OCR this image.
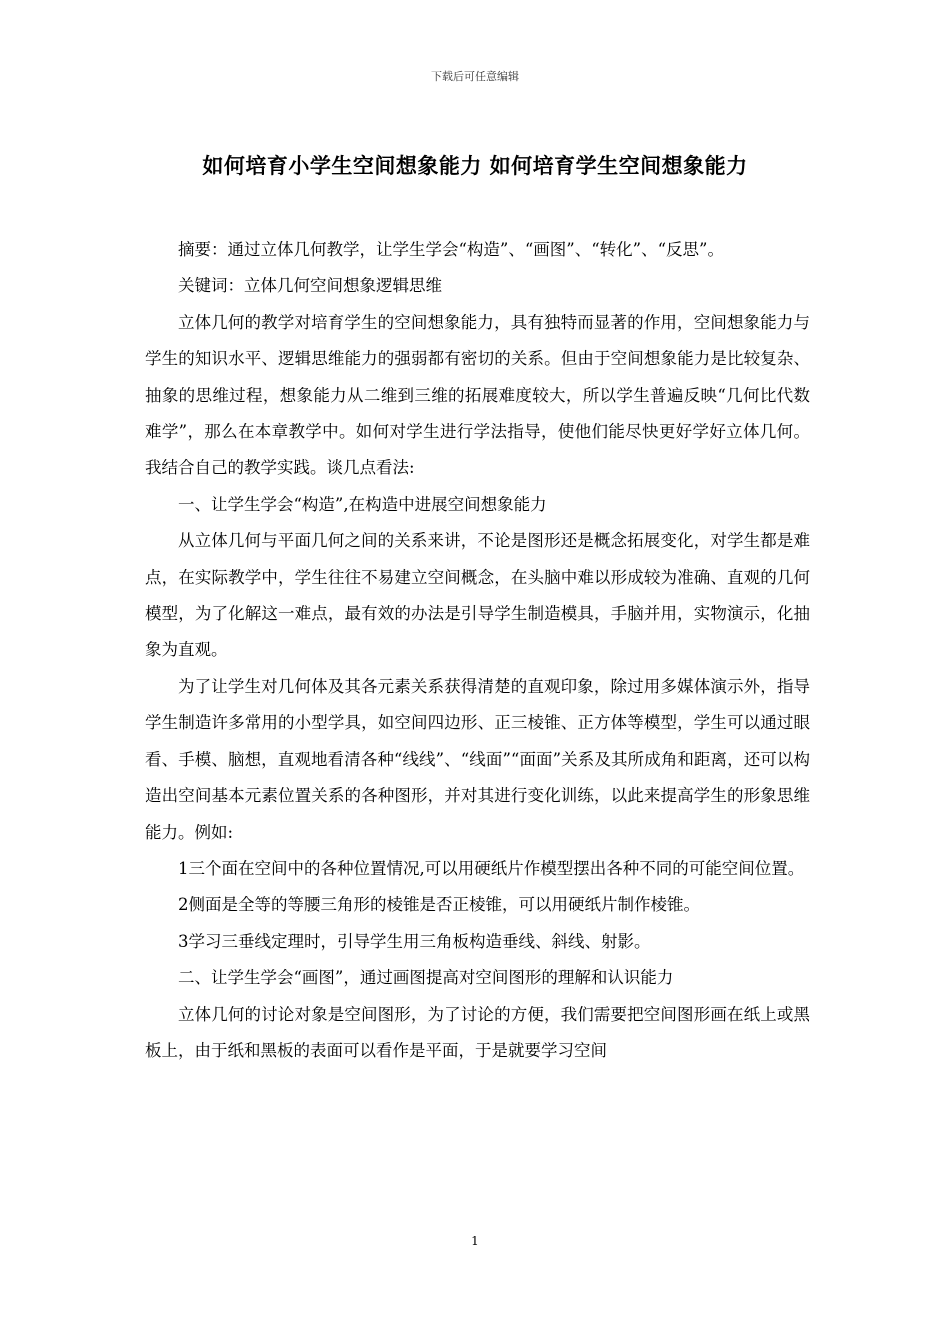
下载后可任意编辑
如何培育小学生空间想象能力 如何培育学生空间想象能力

摘要：通过立体几何教学，让学生学会“构造”、“画图”、“转化”、“反思”。

关键词：立体几何空间想象逻辑思维

立体几何的教学对培育学生的空间想象能力，具有独特而显著的作用，空间想象能力与学生的知识水平、逻辑思维能力的强弱都有密切的关系。但由于空间想象能力是比较复杂、抽象的思维过程，想象能力从二维到三维的拓展难度较大，所以学生普遍反映“几何比代数难学”，那么在本章教学中。如何对学生进行学法指导，使他们能尽快更好学好立体几何。我结合自己的教学实践。谈几点看法:

一、让学生学会“构造”,在构造中进展空间想象能力

从立体几何与平面几何之间的关系来讲，不论是图形还是概念拓展变化，对学生都是难点，在实际教学中，学生往往不易建立空间概念，在头脑中难以形成较为准确、直观的几何模型，为了化解这一难点，最有效的办法是引导学生制造模具，手脑并用，实物演示，化抽象为直观。

为了让学生对几何体及其各元素关系获得清楚的直观印象，除过用多媒体演示外，指导学生制造许多常用的小型学具，如空间四边形、正三棱锥、正方体等模型，学生可以通过眼看、手模、脑想，直观地看清各种“线线”、“线面”“面面”关系及其所成角和距离，还可以构造出空间基本元素位置关系的各种图形，并对其进行变化训练，以此来提高学生的形象思维能力。例如:

1三个面在空间中的各种位置情况,可以用硬纸片作模型摆出各种不同的可能空间位置。

2侧面是全等的等腰三角形的棱锥是否正棱锥，可以用硬纸片制作棱锥。

3学习三垂线定理时，引导学生用三角板构造垂线、斜线、射影。

二、让学生学会“画图”，通过画图提高对空间图形的理解和认识能力

立体几何的讨论对象是空间图形，为了讨论的方便，我们需要把空间图形画在纸上或黑板上，由于纸和黑板的表面可以看作是平面，于是就要学习空间

1
